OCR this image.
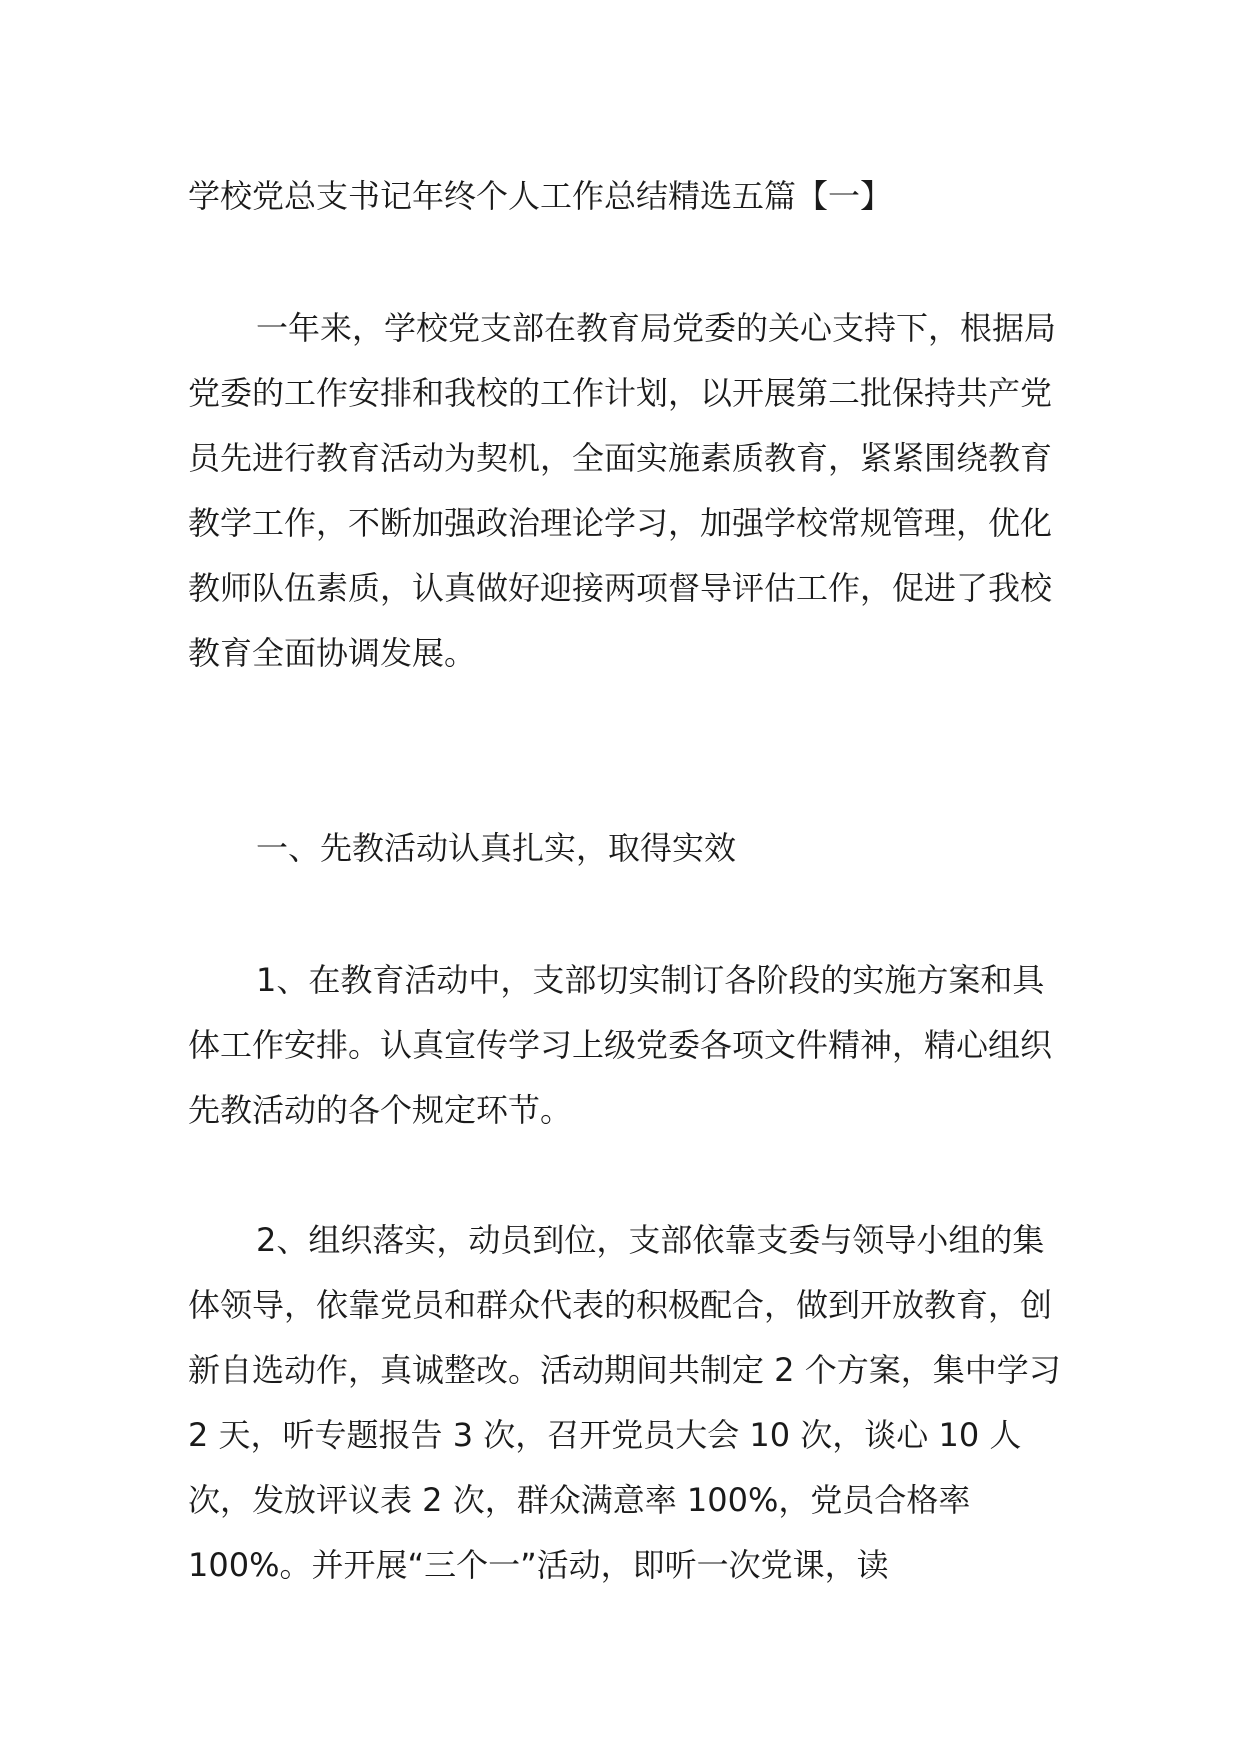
学校党总支书记年终个人工作总结精选五篇【一】

一年来，学校党支部在教育局党委的关心支持下，根据局党委的工作安排和我校的工作计划，以开展第二批保持共产党员先进行教育活动为契机，全面实施素质教育，紧紧围绕教育教学工作，不断加强政治理论学习，加强学校常规管理，优化教师队伍素质，认真做好迎接两项督导评估工作，促进了我校教育全面协调发展。

一、先教活动认真扎实，取得实效

1、在教育活动中，支部切实制订各阶段的实施方案和具体工作安排。认真宣传学习上级党委各项文件精神，精心组织先教活动的各个规定环节。

2、组织落实，动员到位，支部依靠支委与领导小组的集体领导，依靠党员和群众代表的积极配合，做到开放教育，创新自选动作，真诚整改。活动期间共制定 2 个方案，集中学习 2 天，听专题报告 3 次，召开党员大会 10 次，谈心 10 人次，发放评议表 2 次，群众满意率 100%，党员合格率 100%。并开展“三个一”活动，即听一次党课，读
